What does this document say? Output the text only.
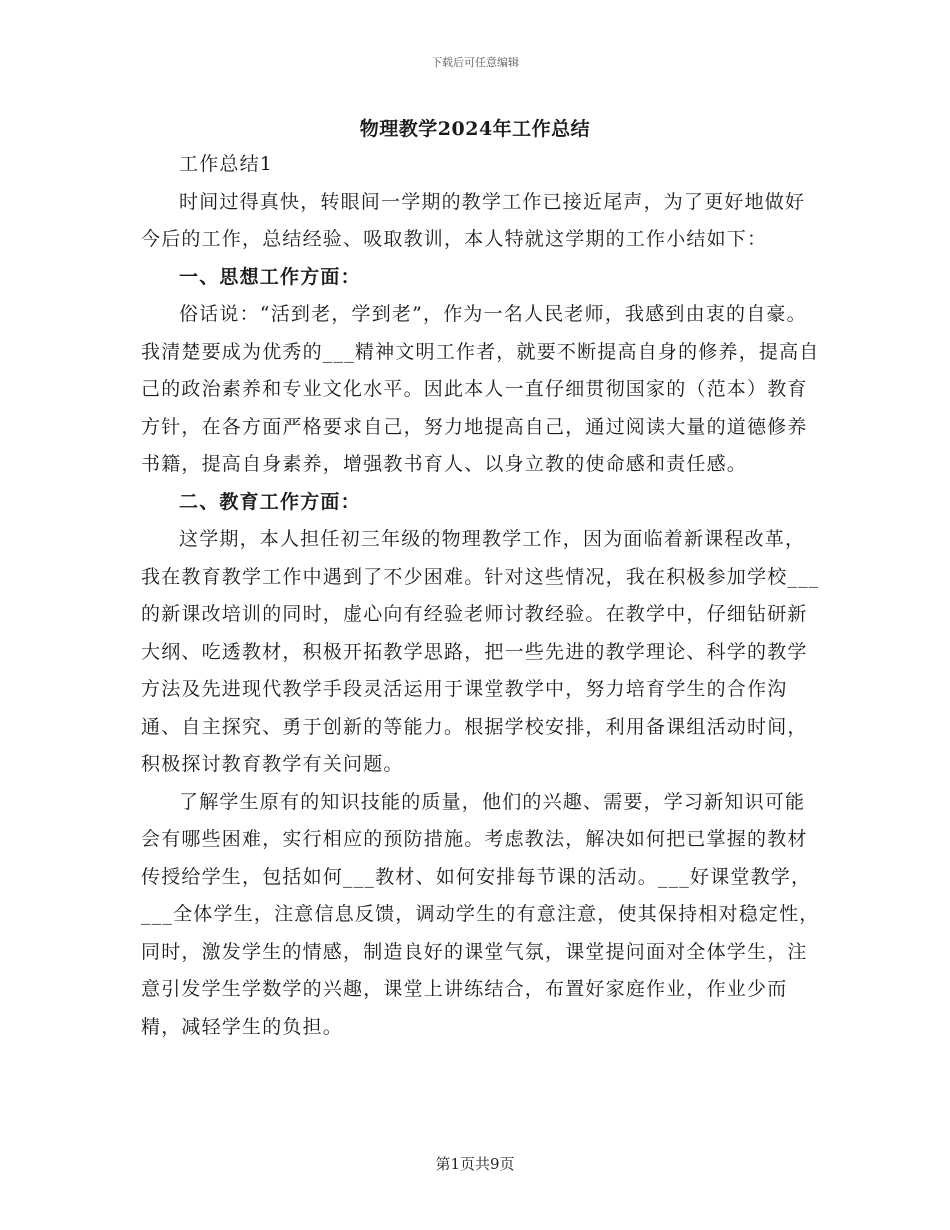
下载后可任意编辑
物理教学2024年工作总结

工作总结1

时间过得真快，转眼间一学期的教学工作已接近尾声，为了更好地做好今后的工作，总结经验、吸取教训，本人特就这学期的工作小结如下：

一、思想工作方面：

俗话说：“活到老，学到老”，作为一名人民老师，我感到由衷的自豪。我清楚要成为优秀的___精神文明工作者，就要不断提高自身的修养，提高自己的政治素养和专业文化水平。因此本人一直仔细贯彻国家的（范本）教育方针，在各方面严格要求自己，努力地提高自己，通过阅读大量的道德修养书籍，提高自身素养，增强教书育人、以身立教的使命感和责任感。

二、教育工作方面：

这学期，本人担任初三年级的物理教学工作，因为面临着新课程改革，我在教育教学工作中遇到了不少困难。针对这些情况，我在积极参加学校___的新课改培训的同时，虚心向有经验老师讨教经验。在教学中，仔细钻研新大纲、吃透教材，积极开拓教学思路，把一些先进的教学理论、科学的教学方法及先进现代教学手段灵活运用于课堂教学中，努力培育学生的合作沟通、自主探究、勇于创新的等能力。根据学校安排，利用备课组活动时间，积极探讨教育教学有关问题。

了解学生原有的知识技能的质量，他们的兴趣、需要，学习新知识可能会有哪些困难，实行相应的预防措施。考虑教法，解决如何把已掌握的教材传授给学生，包括如何___教材、如何安排每节课的活动。___好课堂教学，___全体学生，注意信息反馈，调动学生的有意注意，使其保持相对稳定性，同时，激发学生的情感，制造良好的课堂气氛，课堂提问面对全体学生，注意引发学生学数学的兴趣，课堂上讲练结合，布置好家庭作业，作业少而精，减轻学生的负担。

第1页共9页
